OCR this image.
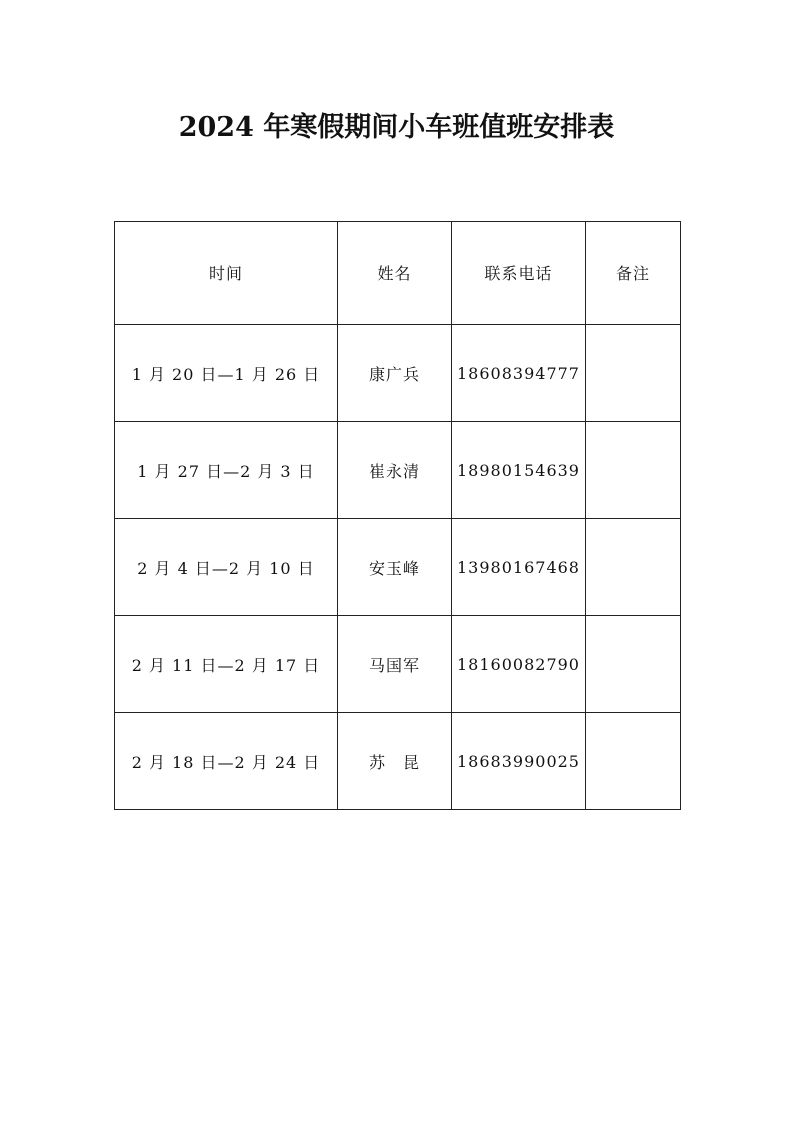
2024 年寒假期间小车班值班安排表
时间	姓名	联系电话	备注
1 月 20 日—1 月 26 日	康广兵	18608394777	
1 月 27 日—2 月 3 日	崔永清	18980154639	
2 月 4 日—2 月 10 日	安玉峰	13980167468	
2 月 11 日—2 月 17 日	马国军	18160082790	
2 月 18 日—2 月 24 日	苏　昆	18683990025	
